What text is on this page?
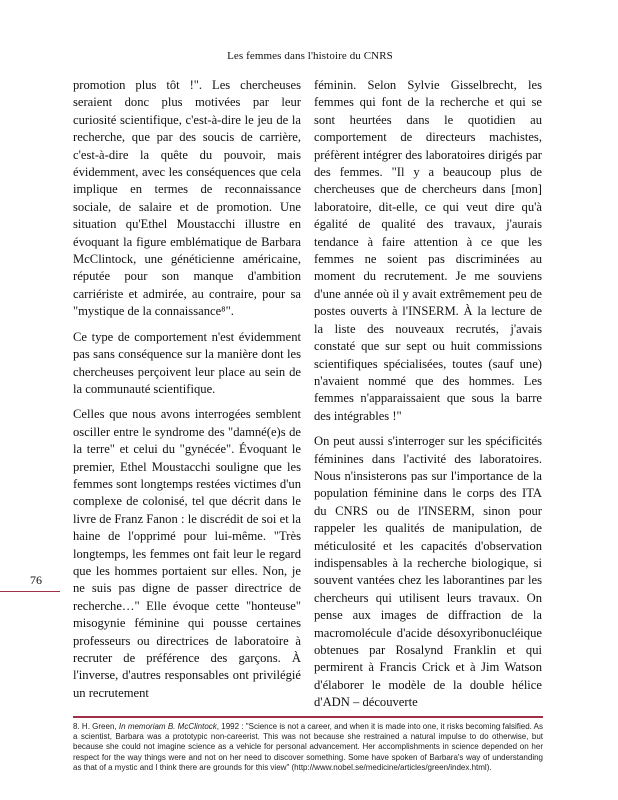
Les femmes dans l'histoire du CNRS

promotion plus tôt !". Les chercheuses seraient donc plus motivées par leur curiosité scientifique, c'est-à-dire le jeu de la recherche, que par des soucis de carrière, c'est-à-dire la quête du pouvoir, mais évidemment, avec les conséquences que cela implique en termes de reconnaissance sociale, de salaire et de promotion. Une situation qu'Ethel Moustacchi illustre en évoquant la figure emblématique de Barbara McClintock, une généticienne américaine, réputée pour son manque d'ambition carriériste et admirée, au contraire, pour sa "mystique de la connaissance⁸".

Ce type de comportement n'est évidemment pas sans conséquence sur la manière dont les chercheuses perçoivent leur place au sein de la communauté scientifique.

Celles que nous avons interrogées semblent osciller entre le syndrome des "damné(e)s de la terre" et celui du "gynécée". Évoquant le premier, Ethel Moustacchi souligne que les femmes sont longtemps restées victimes d'un complexe de colonisé, tel que décrit dans le livre de Franz Fanon : le discrédit de soi et la haine de l'opprimé pour lui-même. "Très longtemps, les femmes ont fait leur le regard que les hommes portaient sur elles. Non, je ne suis pas digne de passer directrice de recherche…" Elle évoque cette "honteuse" misogynie féminine qui pousse certaines professeurs ou directrices de laboratoire à recruter de préférence des garçons. À l'inverse, d'autres responsables ont privilégié un recrutement

féminin. Selon Sylvie Gisselbrecht, les femmes qui font de la recherche et qui se sont heurtées dans le quotidien au comportement de directeurs machistes, préfèrent intégrer des laboratoires dirigés par des femmes. "Il y a beaucoup plus de chercheuses que de chercheurs dans [mon] laboratoire, dit-elle, ce qui veut dire qu'à égalité de qualité des travaux, j'aurais tendance à faire attention à ce que les femmes ne soient pas discriminées au moment du recrutement. Je me souviens d'une année où il y avait extrêmement peu de postes ouverts à l'INSERM. À la lecture de la liste des nouveaux recrutés, j'avais constaté que sur sept ou huit commissions scientifiques spécialisées, toutes (sauf une) n'avaient nommé que des hommes. Les femmes n'apparaissaient que sous la barre des intégrables !"

On peut aussi s'interroger sur les spécificités féminines dans l'activité des laboratoires. Nous n'insisterons pas sur l'importance de la population féminine dans le corps des ITA du CNRS ou de l'INSERM, sinon pour rappeler les qualités de manipulation, de méticulosité et les capacités d'observation indispensables à la recherche biologique, si souvent vantées chez les laborantines par les chercheurs qui utilisent leurs travaux. On pense aux images de diffraction de la macromolécule d'acide désoxyribonucléique obtenues par Rosalynd Franklin et qui permirent à Francis Crick et à Jim Watson d'élaborer le modèle de la double hélice d'ADN – découverte

76
8. H. Green, In memoriam B. McClintock, 1992 : "Science is not a career, and when it is made into one, it risks becoming falsified. As a scientist, Barbara was a prototypic non-careerist. This was not because she restrained a natural impulse to do otherwise, but because she could not imagine science as a vehicle for personal advancement. Her accomplishments in science depended on her respect for the way things were and not on her need to discover something. Some have spoken of Barbara's way of understanding as that of a mystic and I think there are grounds for this view" (http://www.nobel.se/medicine/articles/green/index.html).
